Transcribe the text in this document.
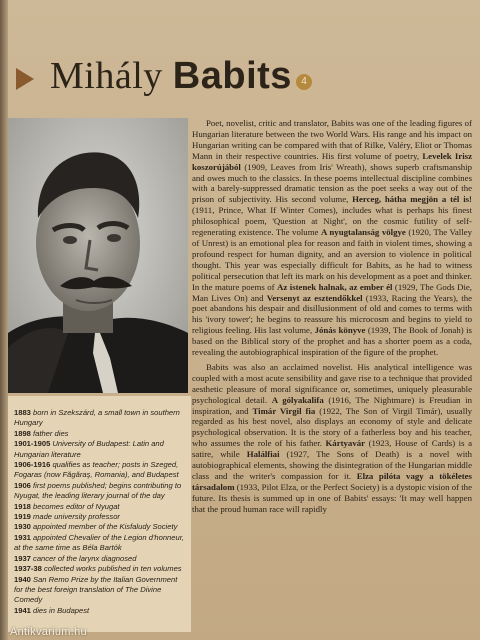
Mihály Babits 4

Poet, novelist, critic and translator, Babits was one of the leading figures of Hungarian literature between the two World Wars. His range and his impact on Hungarian writing can be compared with that of Rilke, Valéry, Eliot or Thomas Mann in their respective countries. His first volume of poetry, Levelek Irisz koszorújából (1909, Leaves from Iris' Wreath), shows superb craftsmanship and owes much to the classics. In these poems intellectual discipline combines with a barely-suppressed dramatic tension as the poet seeks a way out of the prison of subjectivity. His second volume, Herceg, hátha megjön a tél is! (1911, Prince, What If Winter Comes), includes what is perhaps his finest philosophical poem, 'Question at Night', on the cosmic futility of self-regenerating existence. The volume A nyugtalanság völgye (1920, The Valley of Unrest) is an emotional plea for reason and faith in violent times, showing a profound respect for human dignity, and an aversion to violence in political thought. This year was especially difficult for Babits, as he had to witness political persecution that left its mark on his development as a poet and thinker. In the mature poems of Az istenek halnak, az ember él (1929, The Gods Die, Man Lives On) and Versenyt az esztendőkkel (1933, Racing the Years), the poet abandons his despair and disillusionment of old and comes to terms with his 'ivory tower'; he begins to reassure his microcosm and begins to yield to religious feeling. His last volume, Jónás könyve (1939, The Book of Jonah) is based on the Biblical story of the prophet and has a shorter poem as a coda, revealing the autobiographical inspiration of the figure of the prophet.

Babits was also an acclaimed novelist. His analytical intelligence was coupled with a most acute sensibility and gave rise to a technique that provided aesthetic pleasure of moral significance or, sometimes, uniquely pleasurable psychological detail. A gólyakalifa (1916, The Nightmare) is Freudian in inspiration, and Timár Virgil fia (1922, The Son of Virgil Timár), usually regarded as his best novel, also displays an economy of style and delicate psychological observation. It is the story of a fatherless boy and his teacher, who assumes the role of his father. Kártyavár (1923, House of Cards) is a satire, while Halálfiai (1927, The Sons of Death) is a novel with autobiographical elements, showing the disintegration of the Hungarian middle class and the writer's compassion for it. Elza pilóta vagy a tökéletes társadalom (1933, Pilot Elza, or the Perfect Society) is a dystopic vision of the future. Its thesis is summed up in one of Babits' essays: 'It may well happen that the proud human race will rapidly

1883 born in Szekszárd, a small town in southern Hungary
1898 father dies
1901-1905 University of Budapest: Latin and Hungarian literature
1906-1916 qualifies as teacher; posts in Szeged, Fogaras (now Făgăraş, Romania), and Budapest
1906 first poems published; begins contributing to Nyugat, the leading literary journal of the day
1918 becomes editor of Nyugat
1919 made university professor
1930 appointed member of the Kisfaludy Society
1931 appointed Chevalier of the Legion d'honneur, at the same time as Béla Bartók
1937 cancer of the larynx diagnosed
1937-38 collected works published in ten volumes
1940 San Remo Prize by the Italian Government for the best foreign translation of The Divine Comedy
1941 dies in Budapest
Antikvarium.hu
